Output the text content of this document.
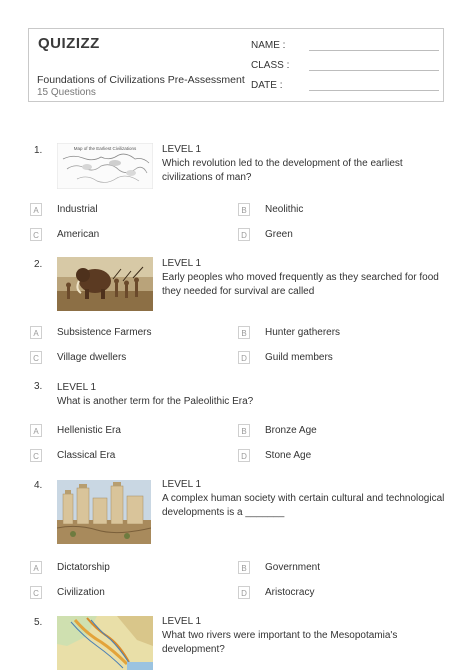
QUIZIZZ
Foundations of Civilizations Pre-Assessment
15 Questions
NAME :
CLASS :
DATE :
1.	Map of the Earliest Civilizations	LEVEL 1
Which revolution led to the development of the earliest civilizations of man?
A	Industrial	B	Neolithic
C	American	D	Green
2.	LEVEL 1
Early peoples who moved frequently as they searched for food they needed for survival are called
A	Subsistence Farmers	B	Hunter gatherers
C	Village dwellers	D	Guild members
3. LEVEL 1
What is another term for the Paleolithic Era?
A	Hellenistic Era	B	Bronze Age
C	Classical Era	D	Stone Age
4.	LEVEL 1
A complex human society with certain cultural and technological developments is a _______
A	Dictatorship	B	Government
C	Civilization	D	Aristocracy
5.	LEVEL 1
What two rivers were important to the Mesopotamia's development?
